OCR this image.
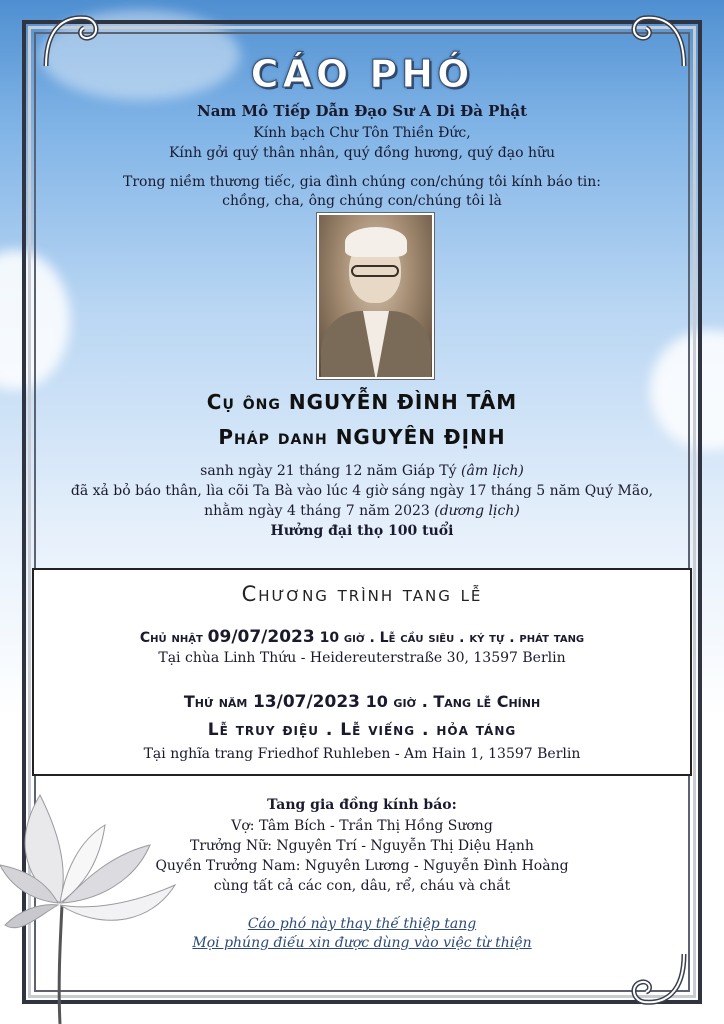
CÁO PHÓ
Nam Mô Tiếp Dẫn Đạo Sư A Di Đà Phật
Kính bạch Chư Tôn Thiền Đức,
Kính gởi quý thân nhân, quý đồng hương, quý đạo hữu
Trong niềm thương tiếc, gia đình chúng con/chúng tôi kính báo tin:
chồng, cha, ông chúng con/chúng tôi là
Cụ ông NGUYỄN ĐÌNH TÂM
Pháp danh NGUYÊN ĐỊNH
sanh ngày 21 tháng 12 năm Giáp Tý (âm lịch)
đã xả bỏ báo thân, lìa cõi Ta Bà vào lúc 4 giờ sáng ngày 17 tháng 5 năm Quý Mão,
nhằm ngày 4 tháng 7 năm 2023 (dương lịch)
Hưởng đại thọ 100 tuổi
Chương trình tang lễ
Chủ nhật 09/07/2023 10 giờ . Lễ cầu siêu . ký tự . phát tang
Tại chùa Linh Thứu - Heidereuterstraße 30, 13597 Berlin
Thứ năm 13/07/2023 10 giờ . Tang lễ Chính
Lễ truy điệu . Lễ viếng . hỏa táng
Tại nghĩa trang Friedhof Ruhleben - Am Hain 1, 13597 Berlin
Tang gia đồng kính báo:
Vợ: Tâm Bích - Trần Thị Hồng Sương
Trưởng Nữ: Nguyên Trí - Nguyễn Thị Diệu Hạnh
Quyền Trưởng Nam: Nguyên Lương - Nguyễn Đình Hoàng
cùng tất cả các con, dâu, rể, cháu và chắt
Cáo phó này thay thế thiệp tang
Mọi phúng điếu xin được dùng vào việc từ thiện
